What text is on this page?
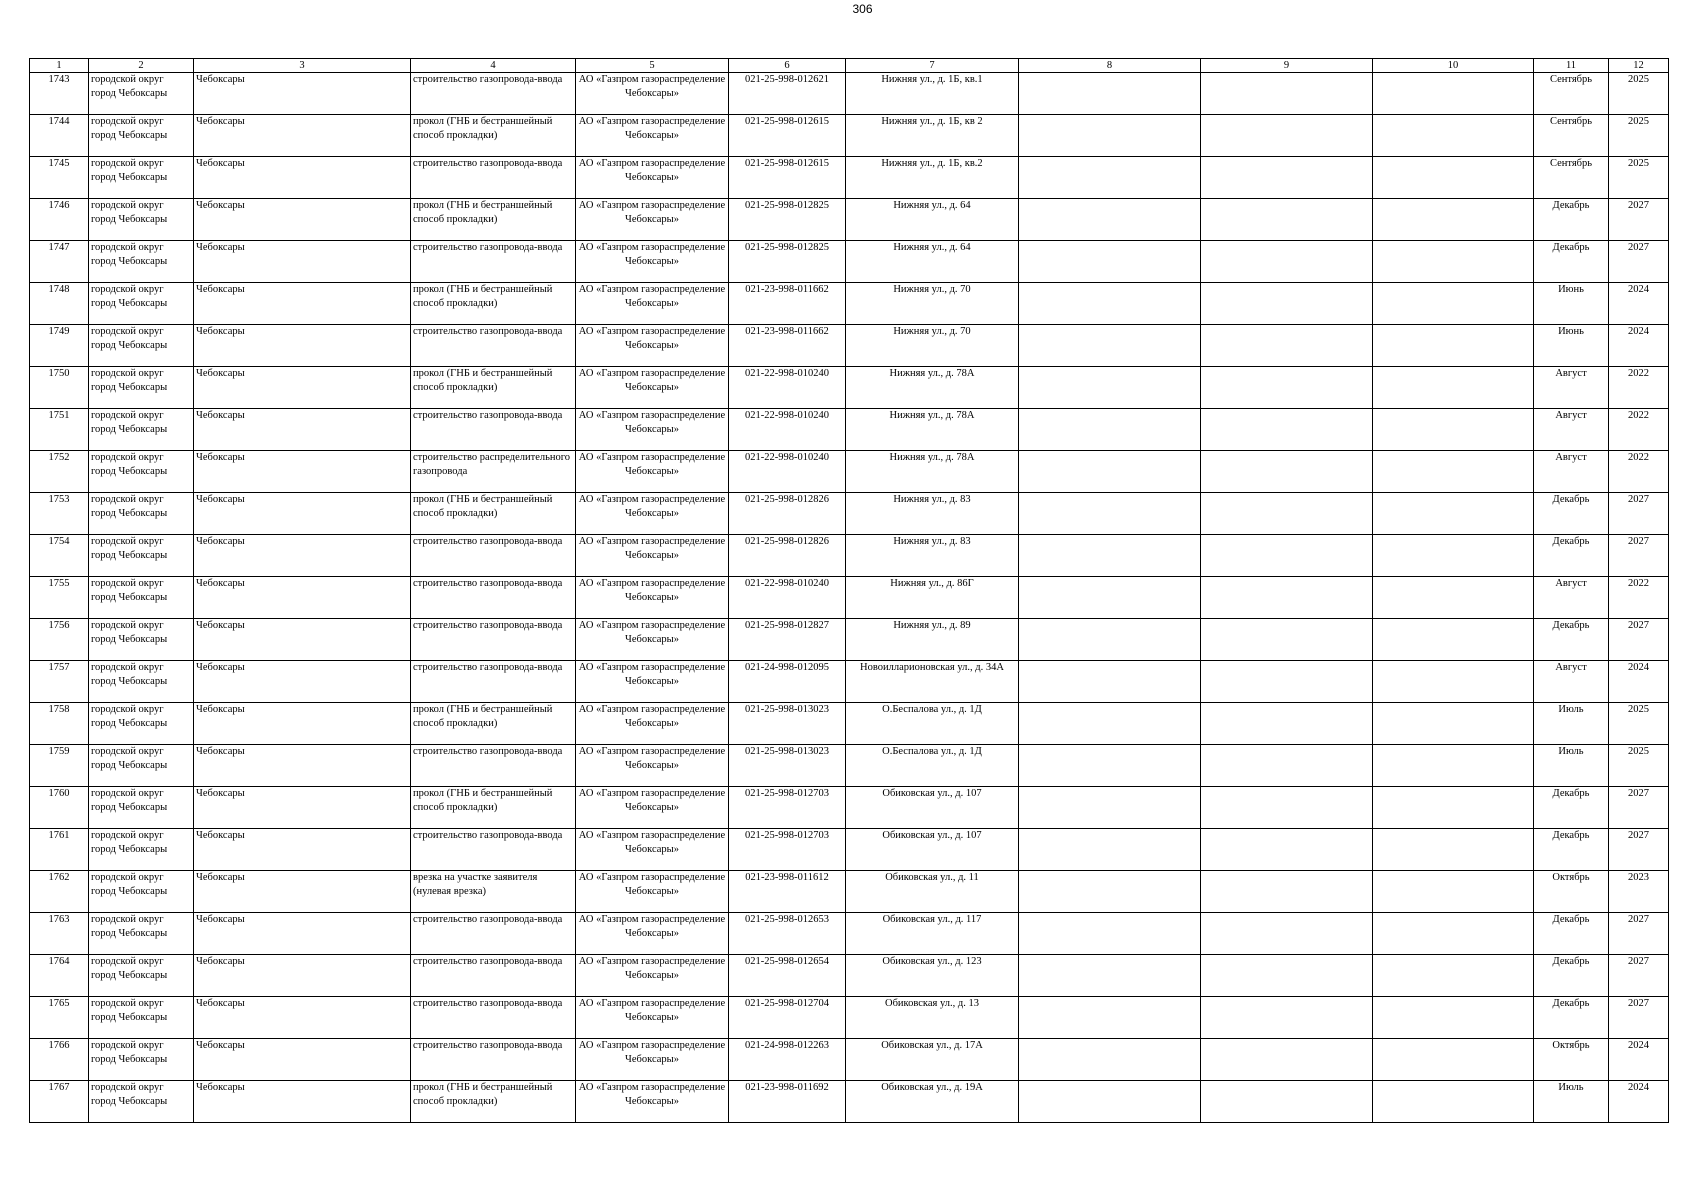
306
1	2	3	4	5	6	7	8	9	10	11	12
1743	городской округ город Чебоксары	Чебоксары	строительство газопровода-ввода	АО «Газпром газораспределение Чебоксары»	021-25-998-012621	Нижняя ул., д. 1Б, кв.1				Сентябрь	2025
1744	городской округ город Чебоксары	Чебоксары	прокол (ГНБ и бестраншейный способ прокладки)	АО «Газпром газораспределение Чебоксары»	021-25-998-012615	Нижняя ул., д. 1Б, кв 2				Сентябрь	2025
1745	городской округ город Чебоксары	Чебоксары	строительство газопровода-ввода	АО «Газпром газораспределение Чебоксары»	021-25-998-012615	Нижняя ул., д. 1Б, кв.2				Сентябрь	2025
1746	городской округ город Чебоксары	Чебоксары	прокол (ГНБ и бестраншейный способ прокладки)	АО «Газпром газораспределение Чебоксары»	021-25-998-012825	Нижняя ул., д. 64				Декабрь	2027
1747	городской округ город Чебоксары	Чебоксары	строительство газопровода-ввода	АО «Газпром газораспределение Чебоксары»	021-25-998-012825	Нижняя ул., д. 64				Декабрь	2027
1748	городской округ город Чебоксары	Чебоксары	прокол (ГНБ и бестраншейный способ прокладки)	АО «Газпром газораспределение Чебоксары»	021-23-998-011662	Нижняя ул., д. 70				Июнь	2024
1749	городской округ город Чебоксары	Чебоксары	строительство газопровода-ввода	АО «Газпром газораспределение Чебоксары»	021-23-998-011662	Нижняя ул., д. 70				Июнь	2024
1750	городской округ город Чебоксары	Чебоксары	прокол (ГНБ и бестраншейный способ прокладки)	АО «Газпром газораспределение Чебоксары»	021-22-998-010240	Нижняя ул., д. 78А				Август	2022
1751	городской округ город Чебоксары	Чебоксары	строительство газопровода-ввода	АО «Газпром газораспределение Чебоксары»	021-22-998-010240	Нижняя ул., д. 78А				Август	2022
1752	городской округ город Чебоксары	Чебоксары	строительство распределительного газопровода	АО «Газпром газораспределение Чебоксары»	021-22-998-010240	Нижняя ул., д. 78А				Август	2022
1753	городской округ город Чебоксары	Чебоксары	прокол (ГНБ и бестраншейный способ прокладки)	АО «Газпром газораспределение Чебоксары»	021-25-998-012826	Нижняя ул., д. 83				Декабрь	2027
1754	городской округ город Чебоксары	Чебоксары	строительство газопровода-ввода	АО «Газпром газораспределение Чебоксары»	021-25-998-012826	Нижняя ул., д. 83				Декабрь	2027
1755	городской округ город Чебоксары	Чебоксары	строительство газопровода-ввода	АО «Газпром газораспределение Чебоксары»	021-22-998-010240	Нижняя ул., д. 86Г				Август	2022
1756	городской округ город Чебоксары	Чебоксары	строительство газопровода-ввода	АО «Газпром газораспределение Чебоксары»	021-25-998-012827	Нижняя ул., д. 89				Декабрь	2027
1757	городской округ город Чебоксары	Чебоксары	строительство газопровода-ввода	АО «Газпром газораспределение Чебоксары»	021-24-998-012095	Новоилларионовская ул., д. 34А				Август	2024
1758	городской округ город Чебоксары	Чебоксары	прокол (ГНБ и бестраншейный способ прокладки)	АО «Газпром газораспределение Чебоксары»	021-25-998-013023	О.Беспалова ул., д. 1Д				Июль	2025
1759	городской округ город Чебоксары	Чебоксары	строительство газопровода-ввода	АО «Газпром газораспределение Чебоксары»	021-25-998-013023	О.Беспалова ул., д. 1Д				Июль	2025
1760	городской округ город Чебоксары	Чебоксары	прокол (ГНБ и бестраншейный способ прокладки)	АО «Газпром газораспределение Чебоксары»	021-25-998-012703	Обиковская ул., д. 107				Декабрь	2027
1761	городской округ город Чебоксары	Чебоксары	строительство газопровода-ввода	АО «Газпром газораспределение Чебоксары»	021-25-998-012703	Обиковская ул., д. 107				Декабрь	2027
1762	городской округ город Чебоксары	Чебоксары	врезка на участке заявителя (нулевая врезка)	АО «Газпром газораспределение Чебоксары»	021-23-998-011612	Обиковская ул., д. 11				Октябрь	2023
1763	городской округ город Чебоксары	Чебоксары	строительство газопровода-ввода	АО «Газпром газораспределение Чебоксары»	021-25-998-012653	Обиковская ул., д. 117				Декабрь	2027
1764	городской округ город Чебоксары	Чебоксары	строительство газопровода-ввода	АО «Газпром газораспределение Чебоксары»	021-25-998-012654	Обиковская ул., д. 123				Декабрь	2027
1765	городской округ город Чебоксары	Чебоксары	строительство газопровода-ввода	АО «Газпром газораспределение Чебоксары»	021-25-998-012704	Обиковская ул., д. 13				Декабрь	2027
1766	городской округ город Чебоксары	Чебоксары	строительство газопровода-ввода	АО «Газпром газораспределение Чебоксары»	021-24-998-012263	Обиковская ул., д. 17А				Октябрь	2024
1767	городской округ город Чебоксары	Чебоксары	прокол (ГНБ и бестраншейный способ прокладки)	АО «Газпром газораспределение Чебоксары»	021-23-998-011692	Обиковская ул., д. 19А				Июль	2024
